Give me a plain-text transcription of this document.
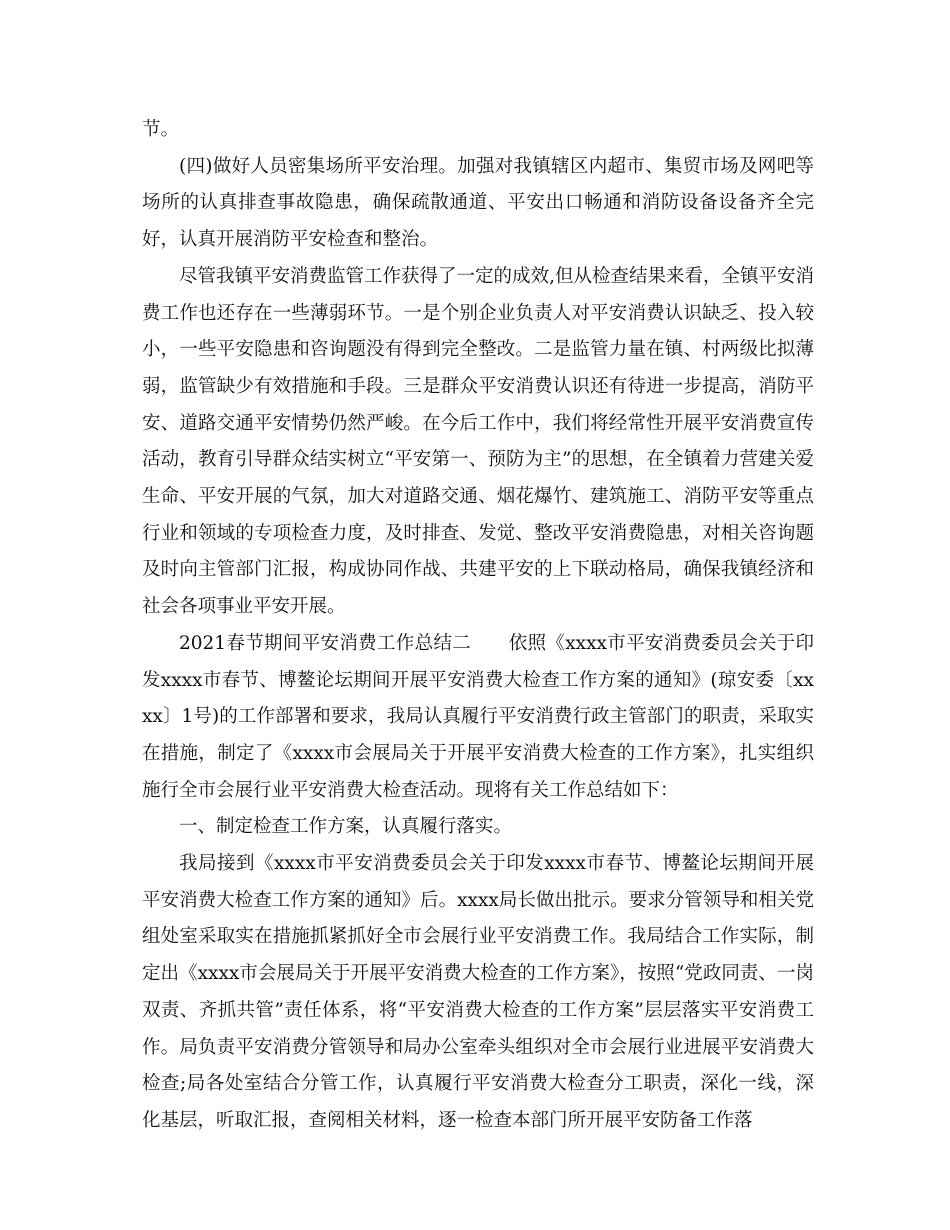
节。

(四)做好人员密集场所平安治理。加强对我镇辖区内超市、集贸市场及网吧等场所的认真排查事故隐患，确保疏散通道、平安出口畅通和消防设备设备齐全完好，认真开展消防平安检查和整治。

尽管我镇平安消费监管工作获得了一定的成效,但从检查结果来看，全镇平安消费工作也还存在一些薄弱环节。一是个别企业负责人对平安消费认识缺乏、投入较小，一些平安隐患和咨询题没有得到完全整改。二是监管力量在镇、村两级比拟薄弱，监管缺少有效措施和手段。三是群众平安消费认识还有待进一步提高，消防平安、道路交通平安情势仍然严峻。在今后工作中，我们将经常性开展平安消费宣传活动，教育引导群众结实树立“平安第一、预防为主”的思想，在全镇着力营建关爱生命、平安开展的气氛，加大对道路交通、烟花爆竹、建筑施工、消防平安等重点行业和领域的专项检查力度，及时排查、发觉、整改平安消费隐患，对相关咨询题及时向主管部门汇报，构成协同作战、共建平安的上下联动格局，确保我镇经济和社会各项事业平安开展。

2021春节期间平安消费工作总结二　　依照《xxxx市平安消费委员会关于印发xxxx市春节、博鳌论坛期间开展平安消费大检查工作方案的通知》(琼安委〔xxxx〕1号)的工作部署和要求，我局认真履行平安消费行政主管部门的职责，采取实在措施，制定了《xxxx市会展局关于开展平安消费大检查的工作方案》，扎实组织施行全市会展行业平安消费大检查活动。现将有关工作总结如下：

一、制定检查工作方案，认真履行落实。

我局接到《xxxx市平安消费委员会关于印发xxxx市春节、博鳌论坛期间开展平安消费大检查工作方案的通知》后。xxxx局长做出批示。要求分管领导和相关党组处室采取实在措施抓紧抓好全市会展行业平安消费工作。我局结合工作实际，制定出《xxxx市会展局关于开展平安消费大检查的工作方案》，按照“党政同责、一岗双责、齐抓共管”责任体系，将“平安消费大检查的工作方案”层层落实平安消费工作。局负责平安消费分管领导和局办公室牵头组织对全市会展行业进展平安消费大检查;局各处室结合分管工作，认真履行平安消费大检查分工职责，深化一线，深化基层，听取汇报，查阅相关材料，逐一检查本部门所开展平安防备工作落
